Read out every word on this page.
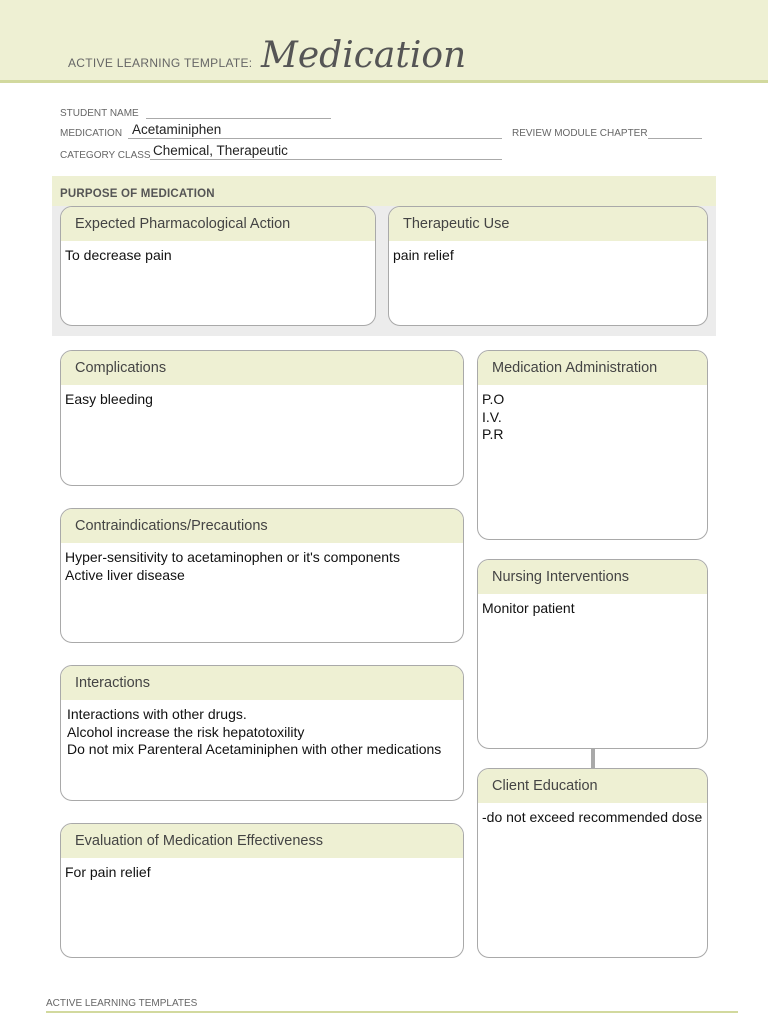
ACTIVE LEARNING TEMPLATE: Medication
STUDENT NAME
MEDICATION Acetaminiphen	REVIEW MODULE CHAPTER
CATEGORY CLASS Chemical, Therapeutic
PURPOSE OF MEDICATION
Expected Pharmacological Action
To decrease pain
Therapeutic Use
pain relief
Complications
Easy bleeding
Medication Administration
P.O
I.V.
P.R
Contraindications/Precautions
Hyper-sensitivity to acetaminophen or it's components
Active liver disease	Nursing Interventions
Monitor patient
Interactions
Interactions with other drugs.
Alcohol increase the risk hepatotoxility
Do not mix Parenteral Acetaminiphen with other medications
Client Education
-do not exceed recommended dose
Evaluation of Medication Effectiveness
For pain relief
ACTIVE LEARNING TEMPLATES
